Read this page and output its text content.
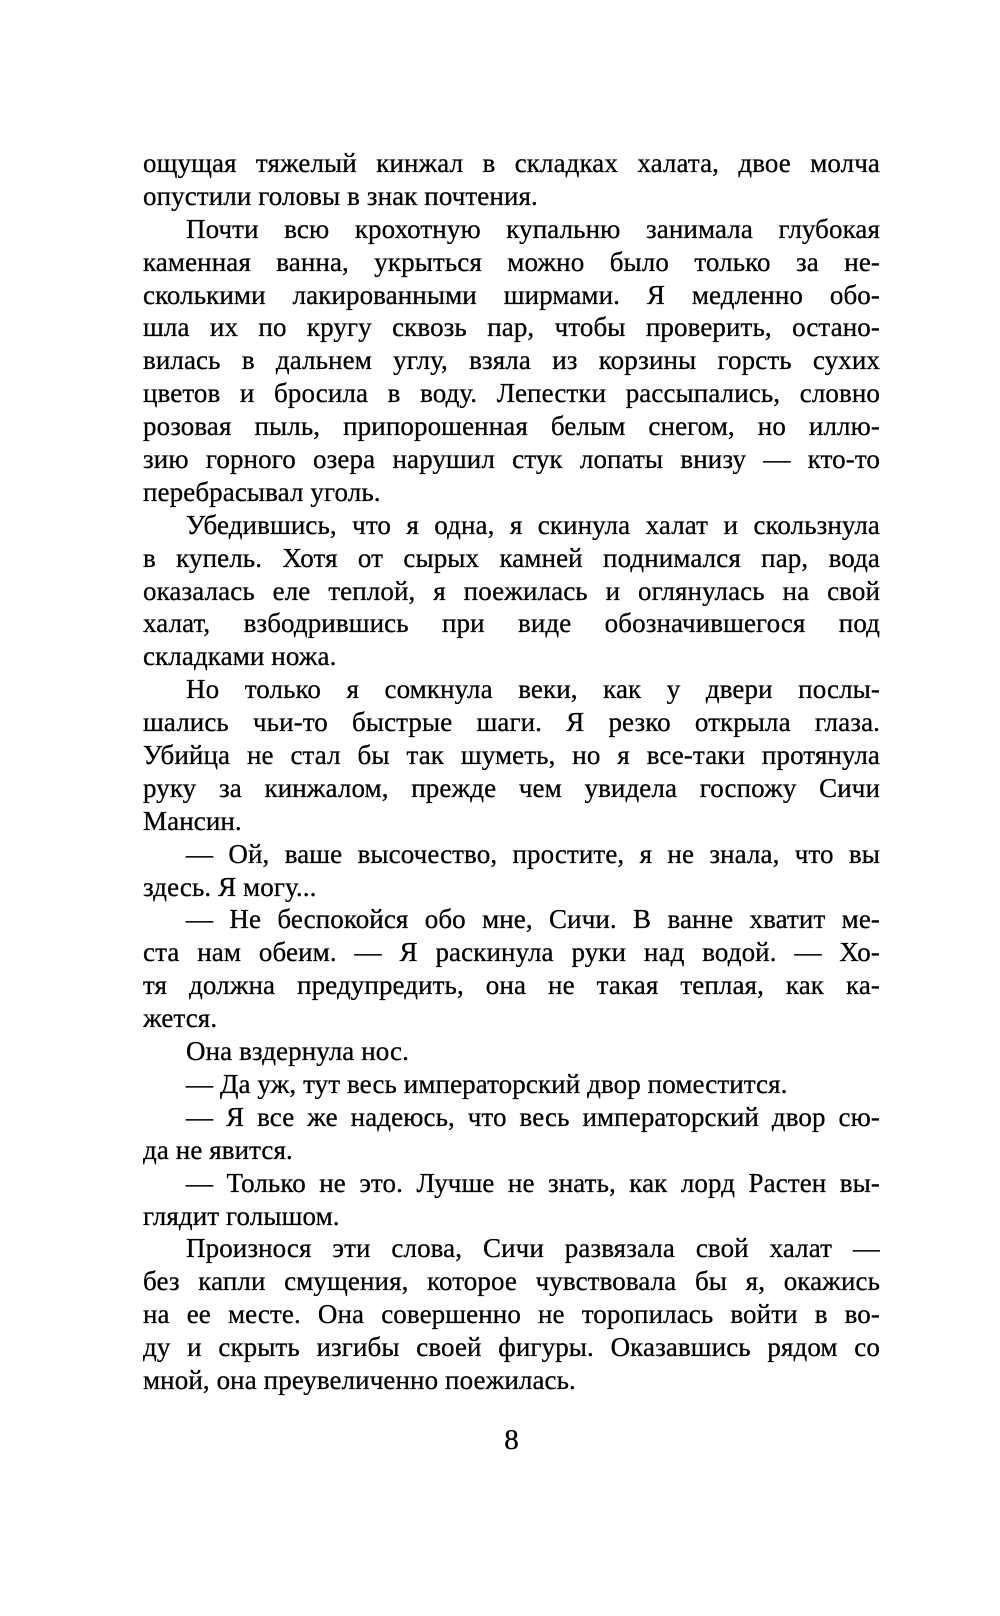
ощущая тяжелый кинжал в складках халата, двое молча
опустили головы в знак почтения.
Почти всю крохотную купальню занимала глубокая
каменная ванна, укрыться можно было только за не-
сколькими лакированными ширмами. Я медленно обо-
шла их по кругу сквозь пар, чтобы проверить, остано-
вилась в дальнем углу, взяла из корзины горсть сухих
цветов и бросила в воду. Лепестки рассыпались, словно
розовая пыль, припорошенная белым снегом, но иллю-
зию горного озера нарушил стук лопаты внизу — кто-то
перебрасывал уголь.
Убедившись, что я одна, я скинула халат и скользнула
в купель. Хотя от сырых камней поднимался пар, вода
оказалась еле теплой, я поежилась и оглянулась на свой
халат, взбодрившись при виде обозначившегося под
складками ножа.
Но только я сомкнула веки, как у двери послы-
шались чьи-то быстрые шаги. Я резко открыла глаза.
Убийца не стал бы так шуметь, но я все-таки протянула
руку за кинжалом, прежде чем увидела госпожу Сичи
Мансин.
— Ой, ваше высочество, простите, я не знала, что вы
здесь. Я могу...
— Не беспокойся обо мне, Сичи. В ванне хватит ме-
ста нам обеим. — Я раскинула руки над водой. — Хо-
тя должна предупредить, она не такая теплая, как ка-
жется.
Она вздернула нос.
— Да уж, тут весь императорский двор поместится.
— Я все же надеюсь, что весь императорский двор сю-
да не явится.
— Только не это. Лучше не знать, как лорд Растен вы-
глядит голышом.
Произнося эти слова, Сичи развязала свой халат —
без капли смущения, которое чувствовала бы я, окажись
на ее месте. Она совершенно не торопилась войти в во-
ду и скрыть изгибы своей фигуры. Оказавшись рядом со
мной, она преувеличенно поежилась.
8
